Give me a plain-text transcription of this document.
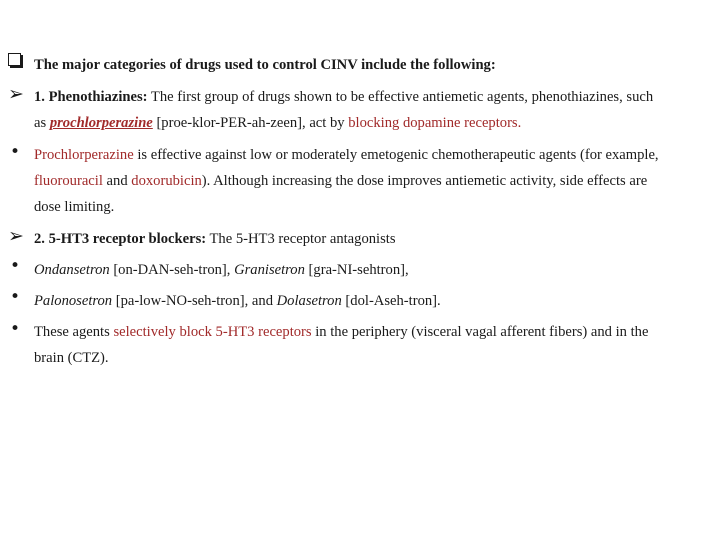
The major categories of drugs used to control CINV include the following:
➢ 1. Phenothiazines: The first group of drugs shown to be effective antiemetic agents, phenothiazines, such
as prochlorperazine [proe-klor-PER-ah-zeen], act by blocking dopamine receptors.
• Prochlorperazine is effective against low or moderately emetogenic chemotherapeutic agents (for example,
fluorouracil and doxorubicin). Although increasing the dose improves antiemetic activity, side effects are
dose limiting.
➢ 2. 5-HT3 receptor blockers: The 5-HT3 receptor antagonists
• Ondansetron [on-DAN-seh-tron], Granisetron [gra-NI-sehtron],
• Palonosetron [pa-low-NO-seh-tron], and Dolasetron [dol-Aseh-tron].
• These agents selectively block 5-HT3 receptors in the periphery (visceral vagal afferent fibers) and in the
brain (CTZ).
